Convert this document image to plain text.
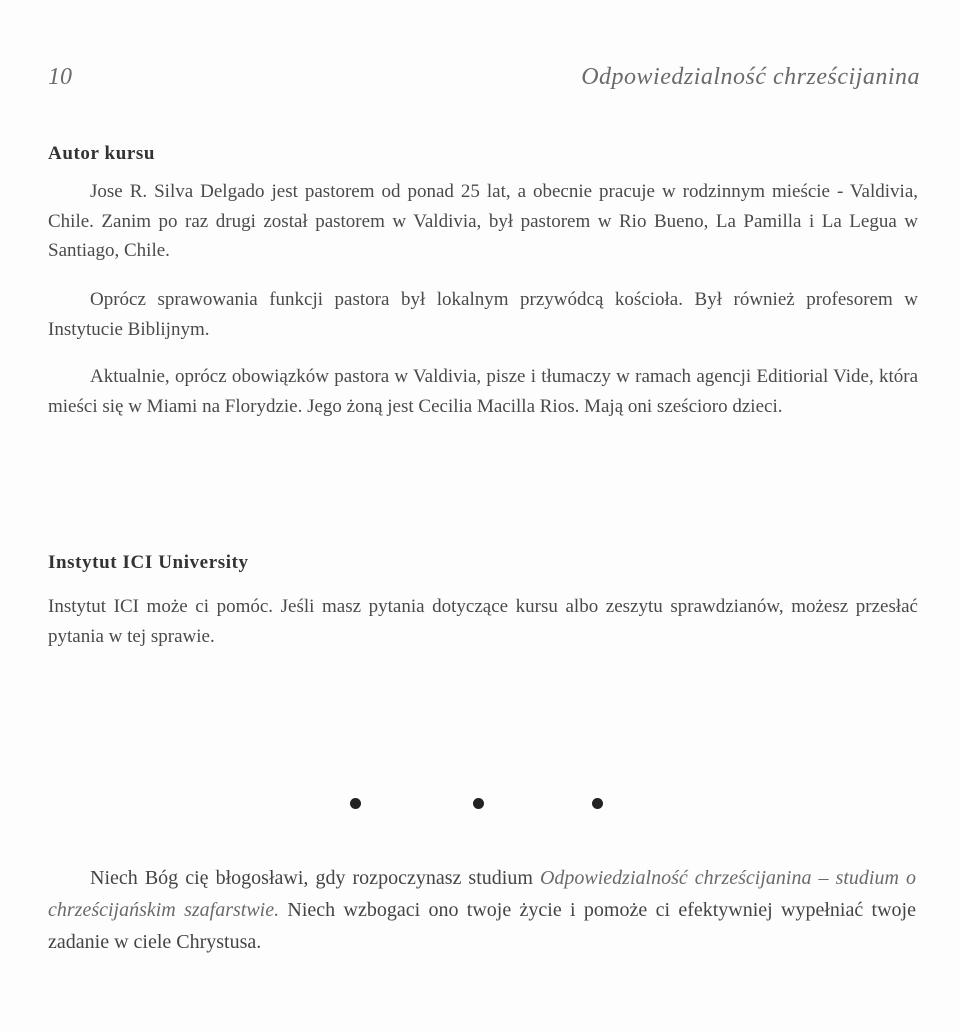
10	Odpowiedzialność chrześcijanina
Autor kursu

Jose R. Silva Delgado jest pastorem od ponad 25 lat, a obecnie pracuje w rodzinnym mieście - Valdivia, Chile. Zanim po raz drugi został pastorem w Valdivia, był pastorem w Rio Bueno, La Pamilla i La Legua w Santiago, Chile.

Oprócz sprawowania funkcji pastora był lokalnym przywódcą kościoła. Był również profesorem w Instytucie Biblijnym.

Aktualnie, oprócz obowiązków pastora w Valdivia, pisze i tłumaczy w ramach agencji Editiorial Vide, która mieści się w Miami na Florydzie. Jego żoną jest Cecilia Macilla Rios. Mają oni sześcioro dzieci.

Instytut ICI University

Instytut ICI może ci pomóc. Jeśli masz pytania dotyczące kursu albo zeszytu sprawdzianów, możesz przesłać pytania w tej sprawie.

Niech Bóg cię błogosławi, gdy rozpoczynasz studium Odpowiedzialność chrześcijanina – studium o chrześcijańskim szafarstwie. Niech wzbogaci ono twoje życie i pomoże ci efektywniej wypełniać twoje zadanie w ciele Chrystusa.
